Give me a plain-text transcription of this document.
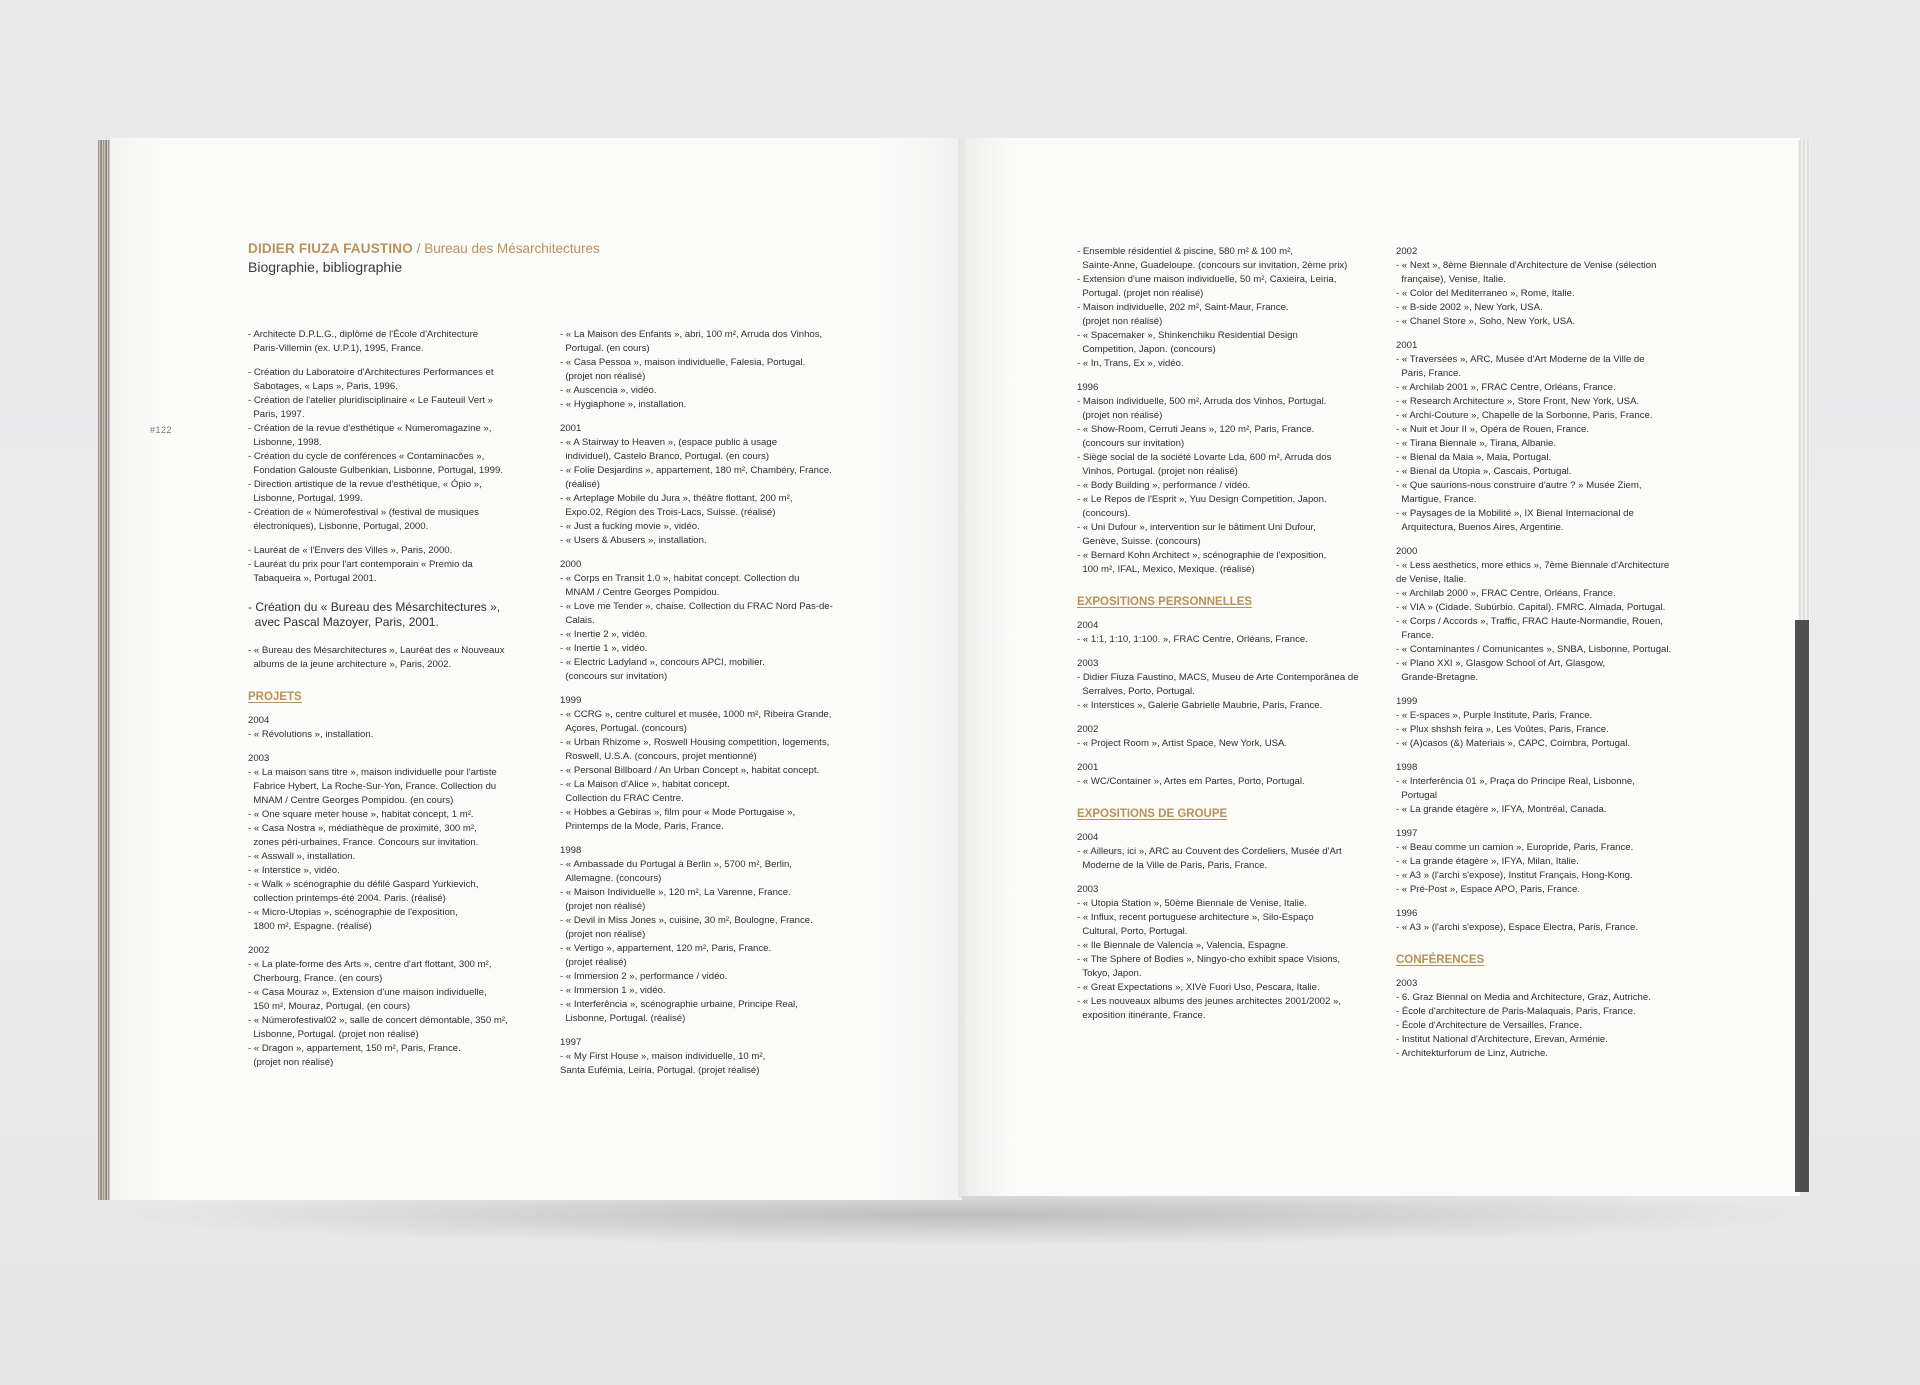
DIDIER FIUZA FAUSTINO / Bureau des Mésarchitectures
Biographie, bibliographie
#122
- Architecte D.P.L.G., diplômé de l'École d'Architecture
Paris-Villemin (ex. U.P.1), 1995, France.
- Création du Laboratoire d'Architectures Performances et
Sabotages, « Laps », Paris, 1996.
- Création de l'atelier pluridisciplinaire « Le Fauteuil Vert »
Paris, 1997.
- Création de la revue d'esthétique « Numeromagazine »,
Lisbonne, 1998.
- Création du cycle de conférences « Contaminacões »,
Fondation Galouste Gulbenkian, Lisbonne, Portugal, 1999.
- Direction artistique de la revue d'esthétique, « Ópio »,
Lisbonne, Portugal, 1999.
- Création de « Númerofestival » (festival de musiques
électroniques), Lisbonne, Portugal, 2000.
- Lauréat de « l'Envers des Villes », Paris, 2000.
- Lauréat du prix pour l'art contemporain « Premio da
Tabaqueira », Portugal 2001.
- Création du « Bureau des Mésarchitectures »,
avec Pascal Mazoyer, Paris, 2001.
- « Bureau des Mésarchitectures », Lauréat des « Nouveaux
albums de la jeune architecture », Paris, 2002.
PROJETS
2004
- « Révolutions », installation.
2003
- « La maison sans titre », maison individuelle pour l'artiste
Fabrice Hybert, La Roche-Sur-Yon, France. Collection du
MNAM / Centre Georges Pompidou. (en cours)
- « One square meter house », habitat concept, 1 m².
- « Casa Nostra », médiathèque de proximité, 300 m²,
zones péri-urbaines, France. Concours sur invitation.
- « Asswall », installation.
- « Interstice », vidéo.
- « Walk » scénographie du défilé Gaspard Yurkievich,
collection printemps-été 2004. Paris. (réalisé)
- « Micro-Utopias », scénographie de l'exposition,
1800 m², Espagne. (réalisé)
2002
- « La plate-forme des Arts », centre d'art flottant, 300 m²,
Cherbourg, France. (en cours)
- « Casa Mouraz », Extension d'une maison individuelle,
150 m², Mouraz, Portugal. (en cours)
- « Númerofestival02 », salle de concert démontable, 350 m²,
Lisbonne, Portugal. (projet non réalisé)
- « Dragon », appartement, 150 m², Paris, France.
(projet non réalisé)
- « La Maison des Enfants », abri, 100 m², Arruda dos Vinhos,
Portugal. (en cours)
- « Casa Pessoa », maison individuelle, Falesia, Portugal.
(projet non réalisé)
- « Auscencia », vidéo.
- « Hygiaphone », installation.
2001
- « A Stairway to Heaven », (espace public à usage
individuel), Castelo Branco, Portugal. (en cours)
- « Folie Desjardins », appartement, 180 m², Chambéry, France.
(réalisé)
- « Arteplage Mobile du Jura », théâtre flottant, 200 m²,
Expo.02, Région des Trois-Lacs, Suisse. (réalisé)
- « Just a fucking movie », vidéo.
- « Users & Abusers », installation.
2000
- « Corps en Transit 1.0 », habitat concept. Collection du
MNAM / Centre Georges Pompidou.
- « Love me Tender », chaise. Collection du FRAC Nord Pas-de-
Calais.
- « Inertie 2 », vidéo.
- « Inertie 1 », vidéo.
- « Electric Ladyland », concours APCI, mobilier.
(concours sur invitation)
1999
- « CCRG », centre culturel et musée, 1000 m², Ribeira Grande,
Açores, Portugal. (concours)
- « Urban Rhizome », Roswell Housing competition, logements,
Roswell, U.S.A. (concours, projet mentionné)
- « Personal Billboard / An Urban Concept », habitat concept.
- « La Maison d'Alice », habitat concept.
Collection du FRAC Centre.
- « Hobbes a Gebiras », film pour « Mode Portugaise »,
Printemps de la Mode, Paris, France.
1998
- « Ambassade du Portugal à Berlin », 5700 m², Berlin,
Allemagne. (concours)
- « Maison Individuelle », 120 m², La Varenne, France.
(projet non réalisé)
- « Devil in Miss Jones », cuisine, 30 m², Boulogne, France.
(projet non réalisé)
- « Vertigo », appartement, 120 m², Paris, France.
(projet réalisé)
- « Immersion 2 », performance / vidéo.
- « Immersion 1 », vidéo.
- « Interferência », scénographie urbaine, Principe Real,
Lisbonne, Portugal. (réalisé)
1997
- « My First House », maison individuelle, 10 m²,
Santa Eufémia, Leiria, Portugal. (projet réalisé)
- Ensemble résidentiel & piscine, 580 m² & 100 m²,
Sainte-Anne, Guadeloupe. (concours sur invitation, 2ème prix)
- Extension d'une maison individuelle, 50 m², Caxieira, Leiria,
Portugal. (projet non réalisé)
- Maison individuelle, 202 m², Saint-Maur, France.
(projet non réalisé)
- « Spacemaker », Shinkenchiku Residential Design
Competition, Japon. (concours)
- « In, Trans, Ex », vidéo.
1996
- Maison individuelle, 500 m², Arruda dos Vinhos, Portugal.
(projet non réalisé)
- « Show-Room, Cerruti Jeans », 120 m², Paris, France.
(concours sur invitation)
- Siège social de la société Lovarte Lda, 600 m², Arruda dos
Vinhos, Portugal. (projet non réalisé)
- « Body Building », performance / vidéo.
- « Le Repos de l'Esprit », Yuu Design Competition, Japon.
(concours).
- « Uni Dufour », intervention sur le bâtiment Uni Dufour,
Genève, Suisse. (concours)
- « Bernard Kohn Architect », scénographie de l'exposition,
100 m², IFAL, Mexico, Mexique. (réalisé)
EXPOSITIONS PERSONNELLES
2004
- « 1:1, 1:10, 1:100. », FRAC Centre, Orléans, France.
2003
- Didier Fiuza Faustino, MACS, Museu de Arte Contemporânea de
Serralves, Porto, Portugal.
- « Interstices », Galerie Gabrielle Maubrie, Paris, France.
2002
- « Project Room », Artist Space, New York, USA.
2001
- « WC/Container », Artes em Partes, Porto, Portugal.
EXPOSITIONS DE GROUPE
2004
- « Ailleurs, ici », ARC au Couvent des Cordeliers, Musée d'Art
Moderne de la Ville de Paris, Paris, France.
2003
- « Utopia Station », 50ème Biennale de Venise, Italie.
- « Influx, recent portuguese architecture », Silo-Espaço
Cultural, Porto, Portugal.
- « Ile Biennale de Valencia », Valencia, Espagne.
- « The Sphere of Bodies », Ningyo-cho exhibit space Visions,
Tokyo, Japon.
- « Great Expectations », XIVè Fuori Uso, Pescara, Italie.
- « Les nouveaux albums des jeunes architectes 2001/2002 »,
exposition itinérante, France.
2002
- « Next », 8ème Biennale d'Architecture de Venise (sélection
française), Venise, Italie.
- « Color del Mediterraneo », Rome, Italie.
- « B-side 2002 », New York, USA.
- « Chanel Store », Soho, New York, USA.
2001
- « Traversées », ARC, Musée d'Art Moderne de la Ville de
Paris, France.
- « Archilab 2001 », FRAC Centre, Orléans, France.
- « Research Architecture », Store Front, New York, USA.
- « Archi-Couture », Chapelle de la Sorbonne, Paris, France.
- « Nuit et Jour II », Opéra de Rouen, France.
- « Tirana Biennale », Tirana, Albanie.
- « Bienal da Maia », Maia, Portugal.
- « Bienal da Utopia », Cascais, Portugal.
- « Que saurions-nous construire d'autre ? » Musée Ziem,
Martigue, France.
- « Paysages de la Mobilité », IX Bienal Internacional de
Arquitectura, Buenos Aires, Argentine.
2000
- « Less aesthetics, more ethics », 7ème Biennale d'Architecture
de Venise, Italie.
- « Archilab 2000 », FRAC Centre, Orléans, France.
- « VIA » (Cidade. Subúrbio. Capital). FMRC. Almada, Portugal.
- « Corps / Accords », Traffic, FRAC Haute-Normandie, Rouen,
France.
- « Contaminantes / Comunicantes », SNBA, Lisbonne, Portugal.
- « Plano XXI », Glasgow School of Art, Glasgow,
Grande-Bretagne.
1999
- « E-spaces », Purple Institute, Paris, France.
- « Plux shshsh feira », Les Voûtes, Paris, France.
- « (A)casos (&) Materiais », CAPC, Coimbra, Portugal.
1998
- « Interferência 01 », Praça do Principe Real, Lisbonne,
Portugal
- « La grande étagère », IFYA, Montréal, Canada.
1997
- « Beau comme un camion », Europride, Paris, France.
- « La grande étagère », IFYA, Milan, Italie.
- « A3 » (l'archi s'expose), Institut Français, Hong-Kong.
- « Pré-Post », Espace APO, Paris, France.
1996
- « A3 » (l'archi s'expose), Espace Electra, Paris, France.
CONFÉRENCES
2003
- 6. Graz Biennal on Media and Architecture, Graz, Autriche.
- École d'architecture de Paris-Malaquais, Paris, France.
- École d'Architecture de Versailles, France.
- Institut National d'Architecture, Erevan, Arménie.
- Architekturforum de Linz, Autriche.
